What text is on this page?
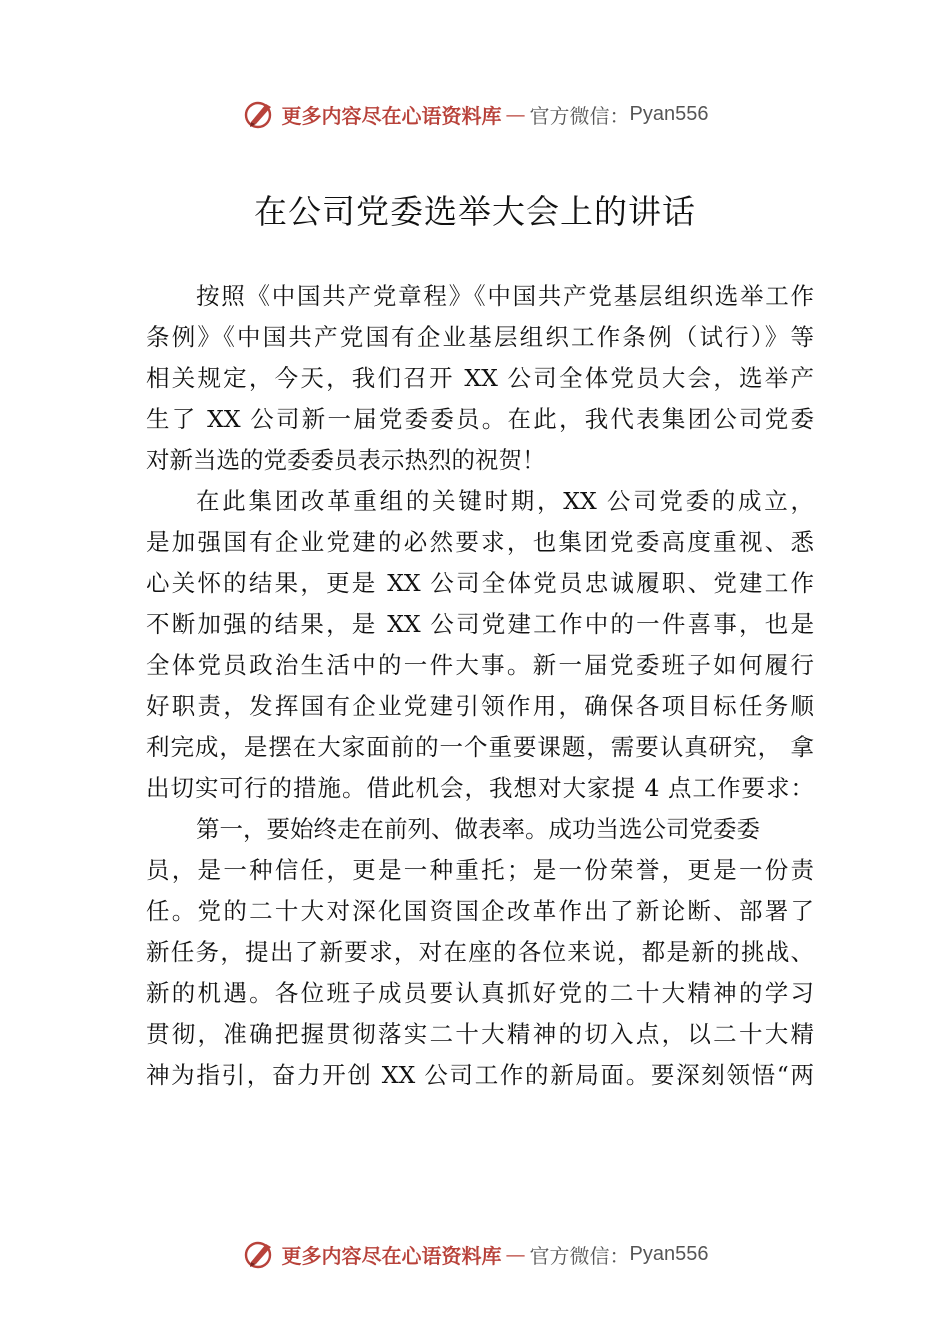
更多内容尽在心语资料库 — 官方微信： Pyan556
在公司党委选举大会上的讲话
按照《中国共产党章程》《中国共产党基层组织选举工作
条例》《中国共产党国有企业基层组织工作条例（试行）》等
相关规定，今天，我们召开 XX 公司全体党员大会，选举产
生了 XX 公司新一届党委委员。在此，我代表集团公司党委
对新当选的党委委员表示热烈的祝贺！
在此集团改革重组的关键时期，XX 公司党委的成立，
是加强国有企业党建的必然要求，也集团党委高度重视、悉
心关怀的结果，更是 XX 公司全体党员忠诚履职、党建工作
不断加强的结果，是 XX 公司党建工作中的一件喜事，也是
全体党员政治生活中的一件大事。新一届党委班子如何履行
好职责，发挥国有企业党建引领作用，确保各项目标任务顺
利完成，是摆在大家面前的一个重要课题，需要认真研究， 拿
出切实可行的措施。借此机会，我想对大家提 4 点工作要求：
第一，要始终走在前列、做表率。成功当选公司党委委
员，是一种信任，更是一种重托；是一份荣誉，更是一份责
任。党的二十大对深化国资国企改革作出了新论断、部署了
新任务，提出了新要求，对在座的各位来说，都是新的挑战、
新的机遇。各位班子成员要认真抓好党的二十大精神的学习
贯彻，准确把握贯彻落实二十大精神的切入点，以二十大精
神为指引，奋力开创 XX 公司工作的新局面。要深刻领悟“两
更多内容尽在心语资料库 — 官方微信： Pyan556
